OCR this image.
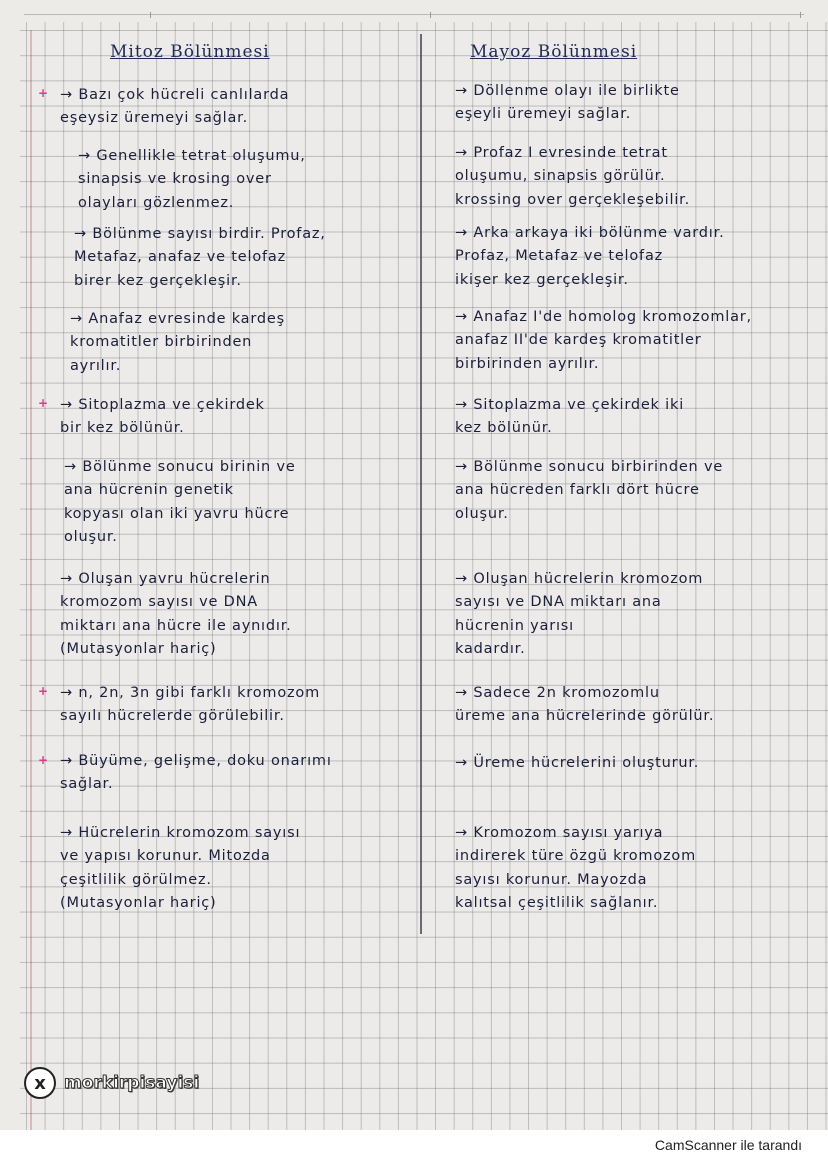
Mitoz Bölünmesi	Mayoz Bölünmesi
+
+
+
+
→ Bazı çok hücreli canlılarda
eşeysiz üremeyi sağlar.
→ Genellikle tetrat oluşumu,
sinapsis ve krosing over
olayları gözlenmez.
→ Bölünme sayısı birdir. Profaz,
Metafaz, anafaz ve telofaz
birer kez gerçekleşir.
→ Anafaz evresinde kardeş
kromatitler birbirinden
ayrılır.
→ Sitoplazma ve çekirdek
bir kez bölünür.
→ Bölünme sonucu birinin ve
ana hücrenin genetik
kopyası olan iki yavru hücre
oluşur.
→ Oluşan yavru hücrelerin
kromozom sayısı ve DNA
miktarı ana hücre ile aynıdır.
(Mutasyonlar hariç)
→ n, 2n, 3n gibi farklı kromozom
sayılı hücrelerde görülebilir.
→ Büyüme, gelişme, doku onarımı
sağlar.
→ Hücrelerin kromozom sayısı
ve yapısı korunur. Mitozda
çeşitlilik görülmez.
(Mutasyonlar hariç)
→ Döllenme olayı ile birlikte
eşeyli üremeyi sağlar.
→ Profaz I evresinde tetrat
oluşumu, sinapsis görülür.
krossing over gerçekleşebilir.
→ Arka arkaya iki bölünme vardır.
Profaz, Metafaz ve telofaz
ikişer kez gerçekleşir.
→ Anafaz I'de homolog kromozomlar,
anafaz II'de kardeş kromatitler
birbirinden ayrılır.
→ Sitoplazma ve çekirdek iki
kez bölünür.
→ Bölünme sonucu birbirinden ve
ana hücreden farklı dört hücre
oluşur.
→ Oluşan hücrelerin kromozom
sayısı ve DNA miktarı ana
hücrenin yarısı
kadardır.
→ Sadece 2n kromozomlu
üreme ana hücrelerinde görülür.
→ Üreme hücrelerini oluşturur.
→ Kromozom sayısı yarıya
indirerek türe özgü kromozom
sayısı korunur. Mayozda
kalıtsal çeşitlilik sağlanır.
x	morkirpisayisi
CamScanner ile tarandı
